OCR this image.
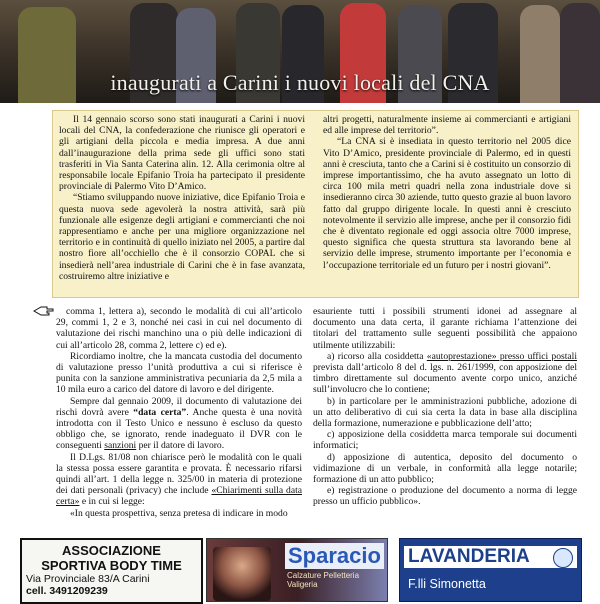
inaugurati a Carini i nuovi locali del CNA

Il 14 gennaio scorso sono stati inaugurati a Carini i nuovi locali del CNA, la confederazione che riunisce gli operatori e gli artigiani della piccola e media impresa. A due anni dall’inaugurazione della prima sede gli uffici sono stati trasferiti in Via Santa Caterina alin. 12. Alla cerimonia oltre al responsabile locale Epifanio Troia ha partecipato il presidente provinciale di Palermo Vito D’Amico.

“Stiamo sviluppando nuove iniziative, dice Epifanio Troia e questa nuova sede agevolerà la nostra attività, sarà più funzionale alle esigenze degli artigiani e commercianti che noi rappresentiamo e anche per una migliore organizzazione nel territorio e in continuità di quello iniziato nel 2005, a partire dal nostro fiore all’occhiello che è il consorzio COPAL che si insedierà nell’area industriale di Carini che è in fase avanzata, costruiremo altre iniziative e

altri progetti, naturalmente insieme ai commercianti e artigiani ed alle imprese del territorio”.

“La CNA si è insediata in questo territorio nel 2005 dice Vito D’Amico, presidente provinciale di Palermo, ed in questi anni è cresciuta, tanto che a Carini si è costituito un consorzio di imprese importantissimo, che ha avuto assegnato un lotto di circa 100 mila metri quadri nella zona industriale dove si insedieranno circa 30 aziende, tutto questo grazie al buon lavoro fatto dal gruppo dirigente locale. In questi anni è cresciuto notevolmente il servizio alle imprese, anche per il consorzio fidi che è diventato regionale ed oggi associa oltre 7000 imprese, questo significa che questa struttura sta lavorando bene al servizio delle imprese, strumento importante per l’economia e l’occupazione territoriale ed un futuro per i nostri giovani”.

comma 1, lettera a), secondo le modalità di cui all’articolo 29, commi 1, 2 e 3, nonché nei casi in cui nel documento di valutazione dei rischi manchino una o più delle indicazioni di cui all’articolo 28, comma 2, lettere c) ed e).

Ricordiamo inoltre, che la mancata custodia del documento di valutazione presso l’unità produttiva a cui si riferisce è punita con la sanzione amministrativa pecuniaria da 2,5 mila a 10 mila euro a carico del datore di lavoro e del dirigente.

Sempre dal gennaio 2009, il documento di valutazione dei rischi dovrà avere “data certa”. Anche questa è una novità introdotta con il Testo Unico e nessuno è escluso da questo obbligo che, se ignorato, rende inadeguato il DVR con le conseguenti sanzioni per il datore di lavoro.

Il D.Lgs. 81/08 non chiarisce però le modalità con le quali la stessa possa essere garantita e provata. È necessario rifarsi quindi all’art. 1 della legge n. 325/00 in materia di protezione dei dati personali (privacy) che include «Chiarimenti sulla data certa» e in cui si legge:

«In questa prospettiva, senza pretesa di indicare in modo

esauriente tutti i possibili strumenti idonei ad assegnare al documento una data certa, il garante richiama l’attenzione dei titolari del trattamento sulle seguenti possibilità che appaiono utilmente utilizzabili:

a) ricorso alla cosiddetta «autoprestazione» presso uffici postali prevista dall’articolo 8 del d. lgs. n. 261/1999, con apposizione del timbro direttamente sul documento avente corpo unico, anziché sull’involucro che lo contiene;

b) in particolare per le amministrazioni pubbliche, adozione di un atto deliberativo di cui sia certa la data in base alla disciplina della formazione, numerazione e pubblicazione dell’atto;

c) apposizione della cosiddetta marca temporale sui documenti informatici;

d) apposizione di autentica, deposito del documento o vidimazione di un verbale, in conformità alla legge notarile; formazione di un atto pubblico;

e) registrazione o produzione del documento a norma di legge presso un ufficio pubblico».

ASSOCIAZIONE
SPORTIVA BODY TIME
Via Provinciale 83/A Carini
cell. 3491209239
Sparacio
Calzature Pelletteria Valigeria
LAVANDERIA
F.lli Simonetta
